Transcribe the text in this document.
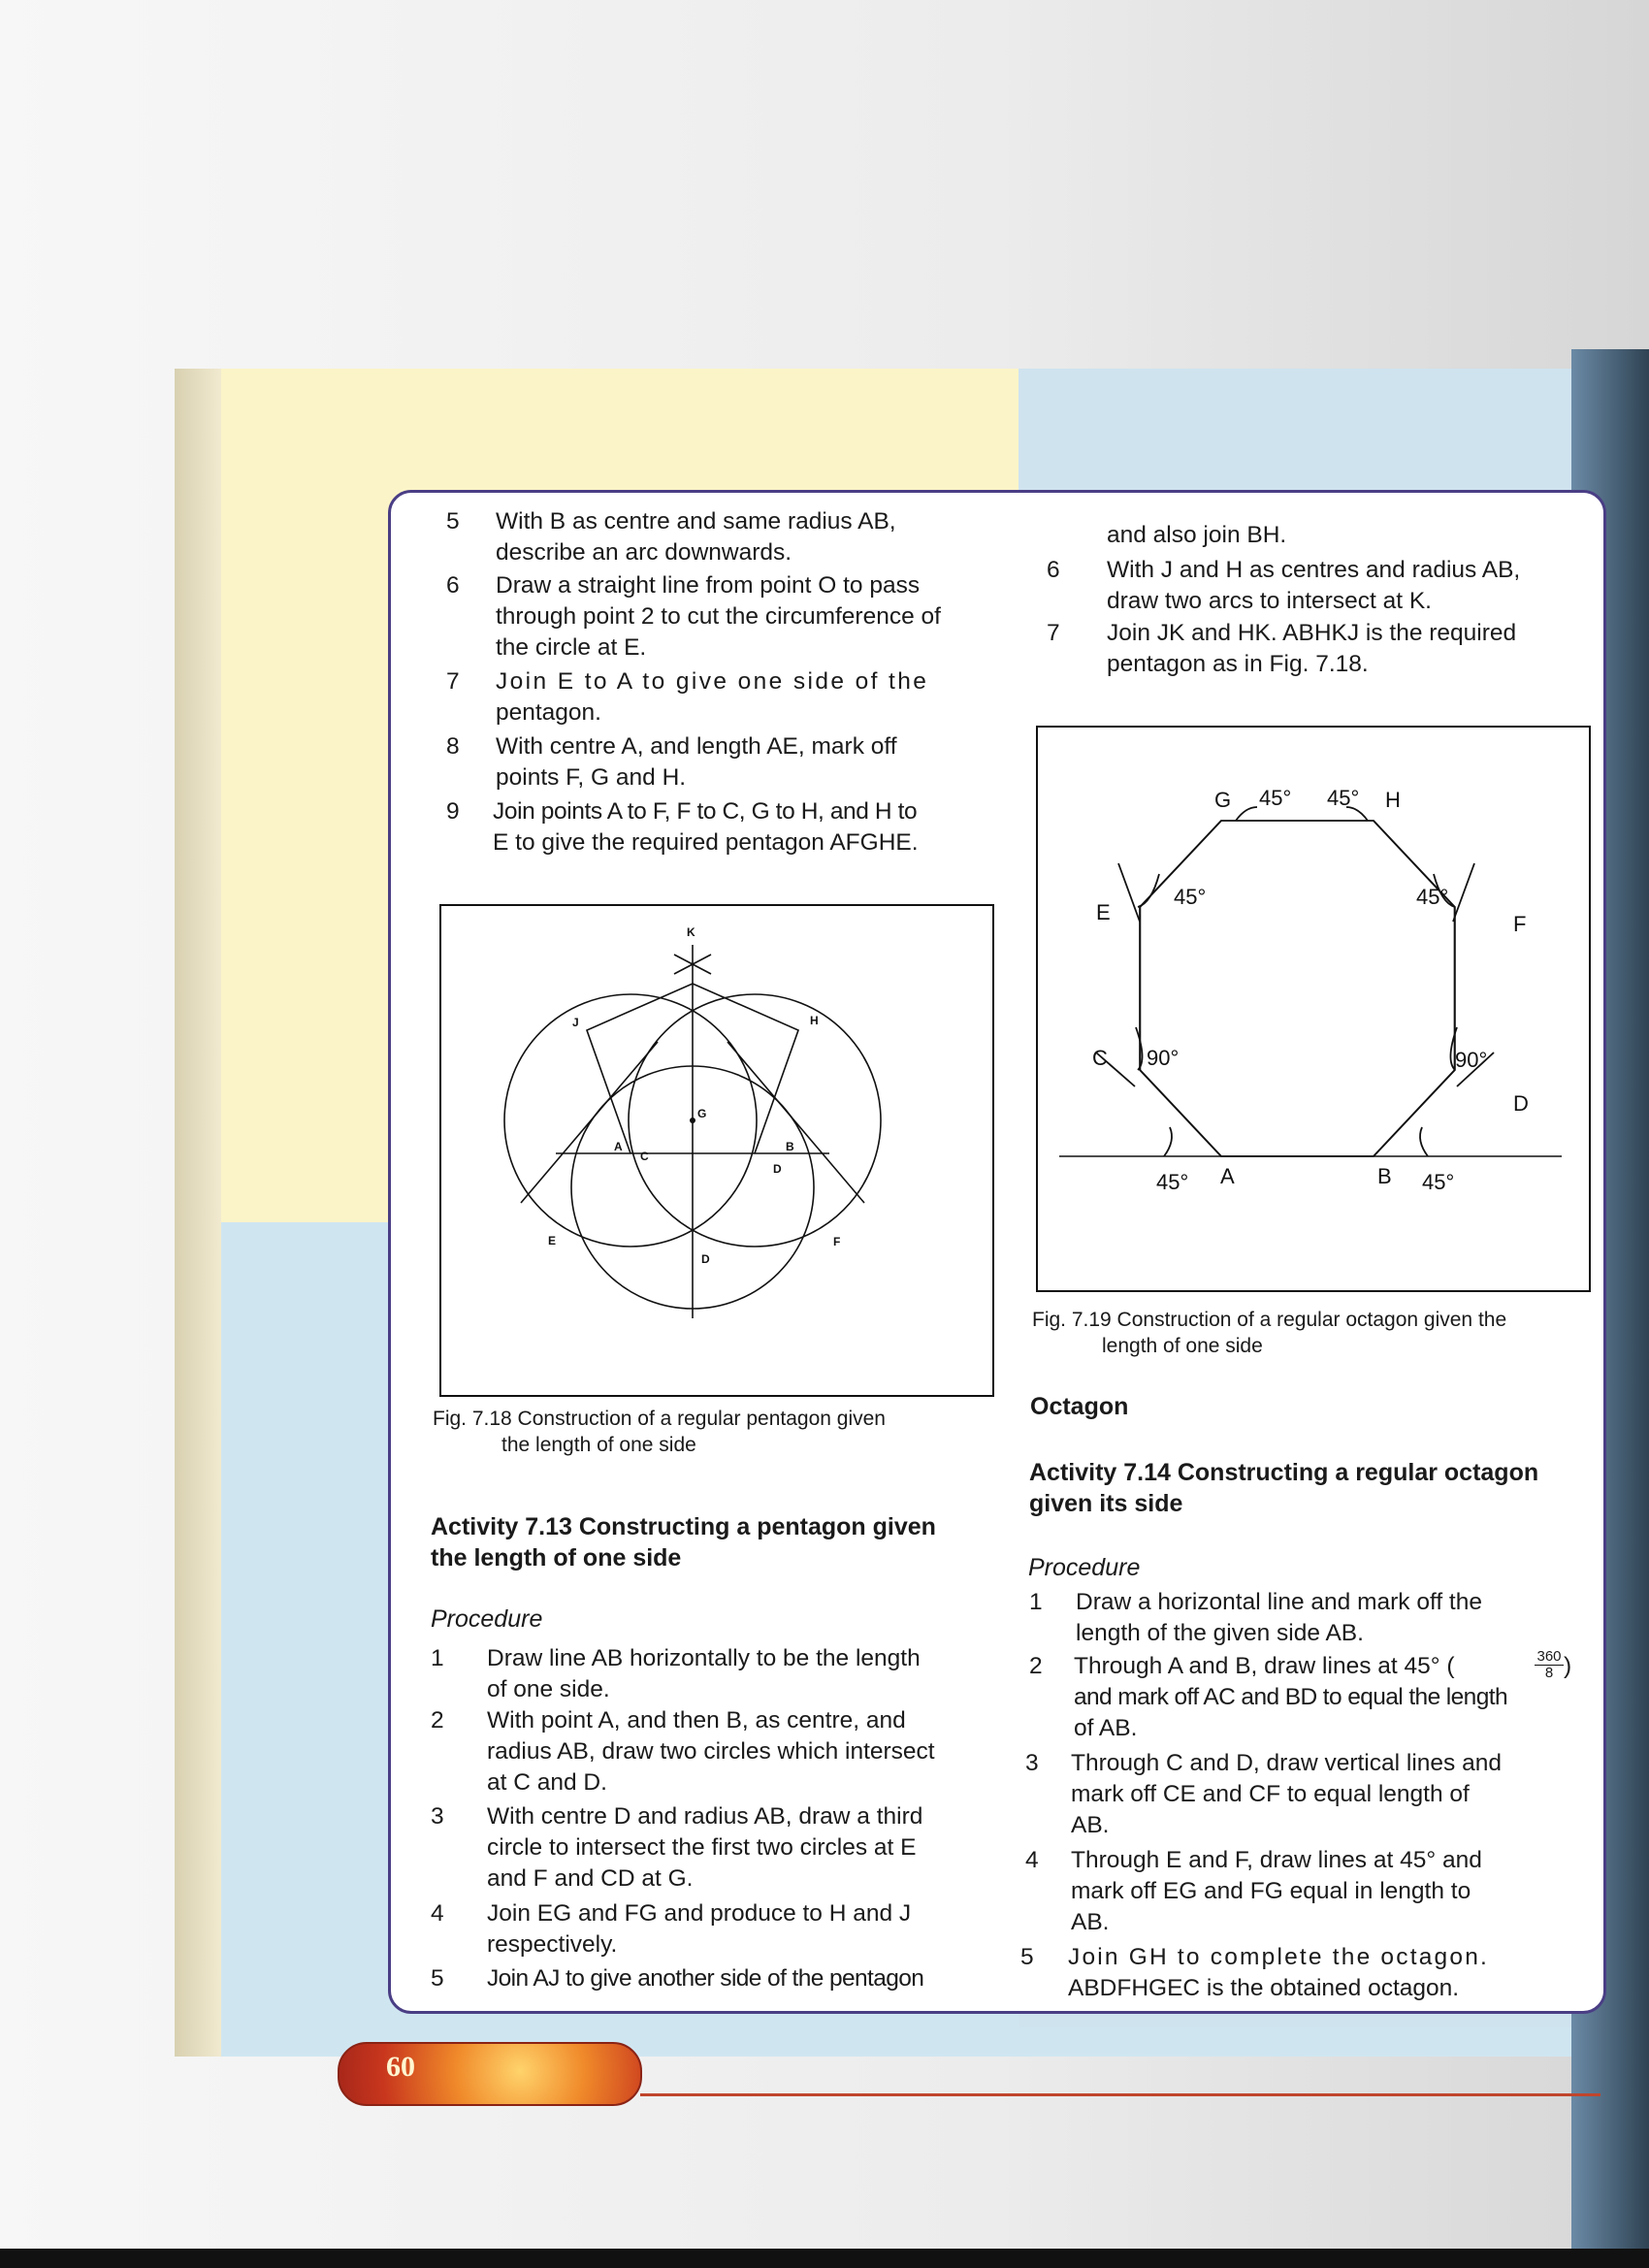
5 With B as centre and same radius AB,
describe an arc downwards.
6 Draw a straight line from point O to pass
through point 2 to cut the circumference of
the circle at E.
7 Join E to A to give one side of the
pentagon.
8 With centre A, and length AE, mark off
points F, G and H.
9 Join points A to F, F to C, G to H, and H to
E to give the required pentagon AFGHE.
K
J	H
G
A
C
B
D
E	F
D
Fig. 7.18 Construction of a regular pentagon given
the length of one side
Activity 7.13 Constructing a pentagon given
the length of one side
Procedure
1 Draw line AB horizontally to be the length
of one side.
2 With point A, and then B, as centre, and
radius AB, draw two circles which intersect
at C and D.
3 With centre D and radius AB, draw a third
circle to intersect the first two circles at E
and F and CD at G.
4 Join EG and FG and produce to H and J
respectively.
5 Join AJ to give another side of the pentagon
and also join BH.
6 With J and H as centres and radius AB,
draw two arcs to intersect at K.
7 Join JK and HK. ABHKJ is the required
pentagon as in Fig. 7.18.
G	H
E	F
C
D
A	B
45° 45°
45°	45°
90°	90°
45°	45°
Fig. 7.19 Construction of a regular octagon given the
length of one side
Octagon
Activity 7.14 Constructing a regular octagon
given its side
Procedure
1 Draw a horizontal line and mark off the
length of the given side AB.
2 Through A and B, draw lines at 45° (	$\frac{360}{8}$ )
and mark off AC and BD to equal the length
of AB.
3 Through C and D, draw vertical lines and
mark off CE and CF to equal length of
AB.
4 Through E and F, draw lines at 45° and
mark off EG and FG equal in length to
AB.
5 Join GH to complete the octagon.
ABDFHGEC is the obtained octagon.
60
